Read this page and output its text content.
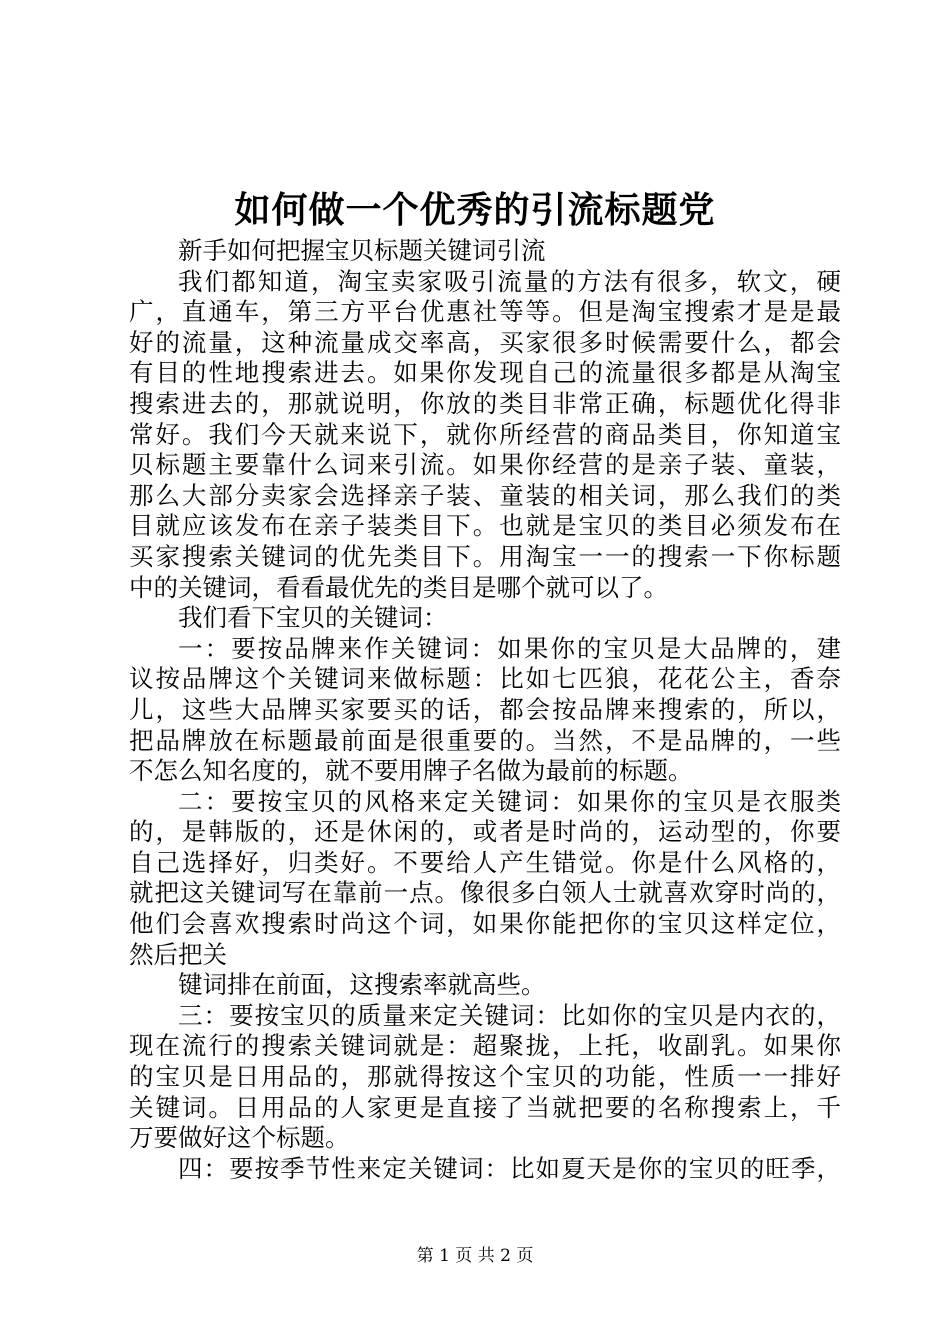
如何做一个优秀的引流标题党
新手如何把握宝贝标题关键词引流
我们都知道，淘宝卖家吸引流量的方法有很多，软文，硬
广，直通车，第三方平台优惠社等等。但是淘宝搜索才是是最
好的流量，这种流量成交率高，买家很多时候需要什么，都会
有目的性地搜索进去。如果你发现自己的流量很多都是从淘宝
搜索进去的，那就说明，你放的类目非常正确，标题优化得非
常好。我们今天就来说下，就你所经营的商品类目，你知道宝
贝标题主要靠什么词来引流。如果你经营的是亲子装、童装，
那么大部分卖家会选择亲子装、童装的相关词，那么我们的类
目就应该发布在亲子装类目下。也就是宝贝的类目必须发布在
买家搜索关键词的优先类目下。用淘宝一一的搜索一下你标题
中的关键词，看看最优先的类目是哪个就可以了。
我们看下宝贝的关键词：
一：要按品牌来作关键词：如果你的宝贝是大品牌的，建
议按品牌这个关键词来做标题：比如七匹狼，花花公主，香奈
儿，这些大品牌买家要买的话，都会按品牌来搜索的，所以，
把品牌放在标题最前面是很重要的。当然，不是品牌的，一些
不怎么知名度的，就不要用牌子名做为最前的标题。
二：要按宝贝的风格来定关键词：如果你的宝贝是衣服类
的，是韩版的，还是休闲的，或者是时尚的，运动型的，你要
自己选择好，归类好。不要给人产生错觉。你是什么风格的，
就把这关键词写在靠前一点。像很多白领人士就喜欢穿时尚的，
他们会喜欢搜索时尚这个词，如果你能把你的宝贝这样定位，
然后把关
键词排在前面，这搜索率就高些。
三：要按宝贝的质量来定关键词：比如你的宝贝是内衣的，
现在流行的搜索关键词就是：超聚拢，上托，收副乳。如果你
的宝贝是日用品的，那就得按这个宝贝的功能，性质一一排好
关键词。日用品的人家更是直接了当就把要的名称搜索上，千
万要做好这个标题。
四：要按季节性来定关键词：比如夏天是你的宝贝的旺季，
第 1 页 共 2 页
